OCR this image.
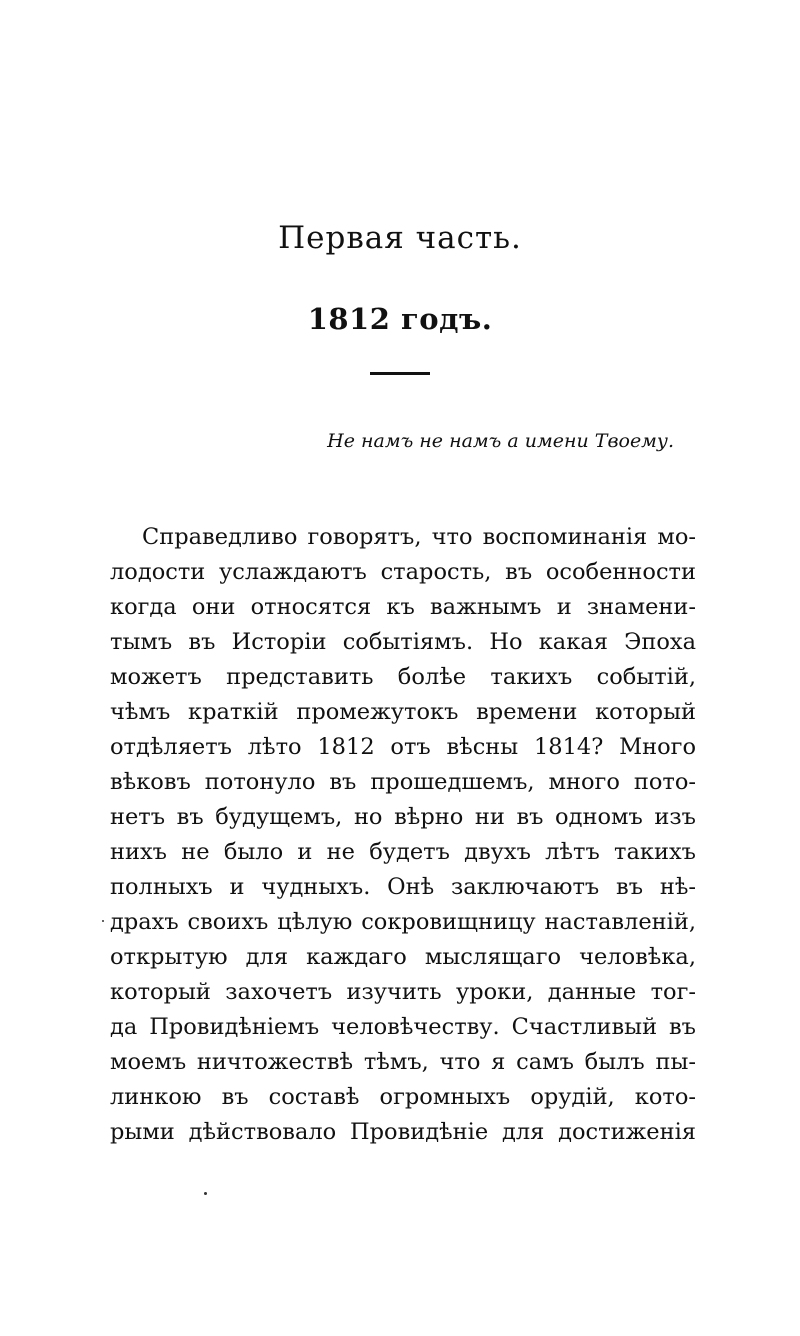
Первая часть.
1812 годъ.
Не намъ не намъ а имени Твоему.
Справедливо говорятъ, что воспоминанія мо-
лодости услаждаютъ старость, въ особенности
когда они относятся къ важнымъ и знамени-
тымъ въ Исторіи событіямъ. Но какая Эпоха
можетъ представить болѣе такихъ событій,
чѣмъ краткій промежутокъ времени который
отдѣляетъ лѣто 1812 отъ вѣсны 1814? Много
вѣковъ потонуло въ прошедшемъ, много пото-
нетъ въ будущемъ, но вѣрно ни въ одномъ изъ
нихъ не было и не будетъ двухъ лѣтъ такихъ
полныхъ и чудныхъ. Онѣ заключаютъ въ нѣ-
драхъ своихъ цѣлую сокровищницу наставленій,
открытую для каждаго мыслящаго человѣка,
который захочетъ изучить уроки, данные тог-
да Провидѣніемъ человѣчеству. Счастливый въ
моемъ ничтожествѣ тѣмъ, что я самъ былъ пы-
линкою въ составѣ огромныхъ орудій, кото-
рыми дѣйствовало Провидѣніе для достиженія
